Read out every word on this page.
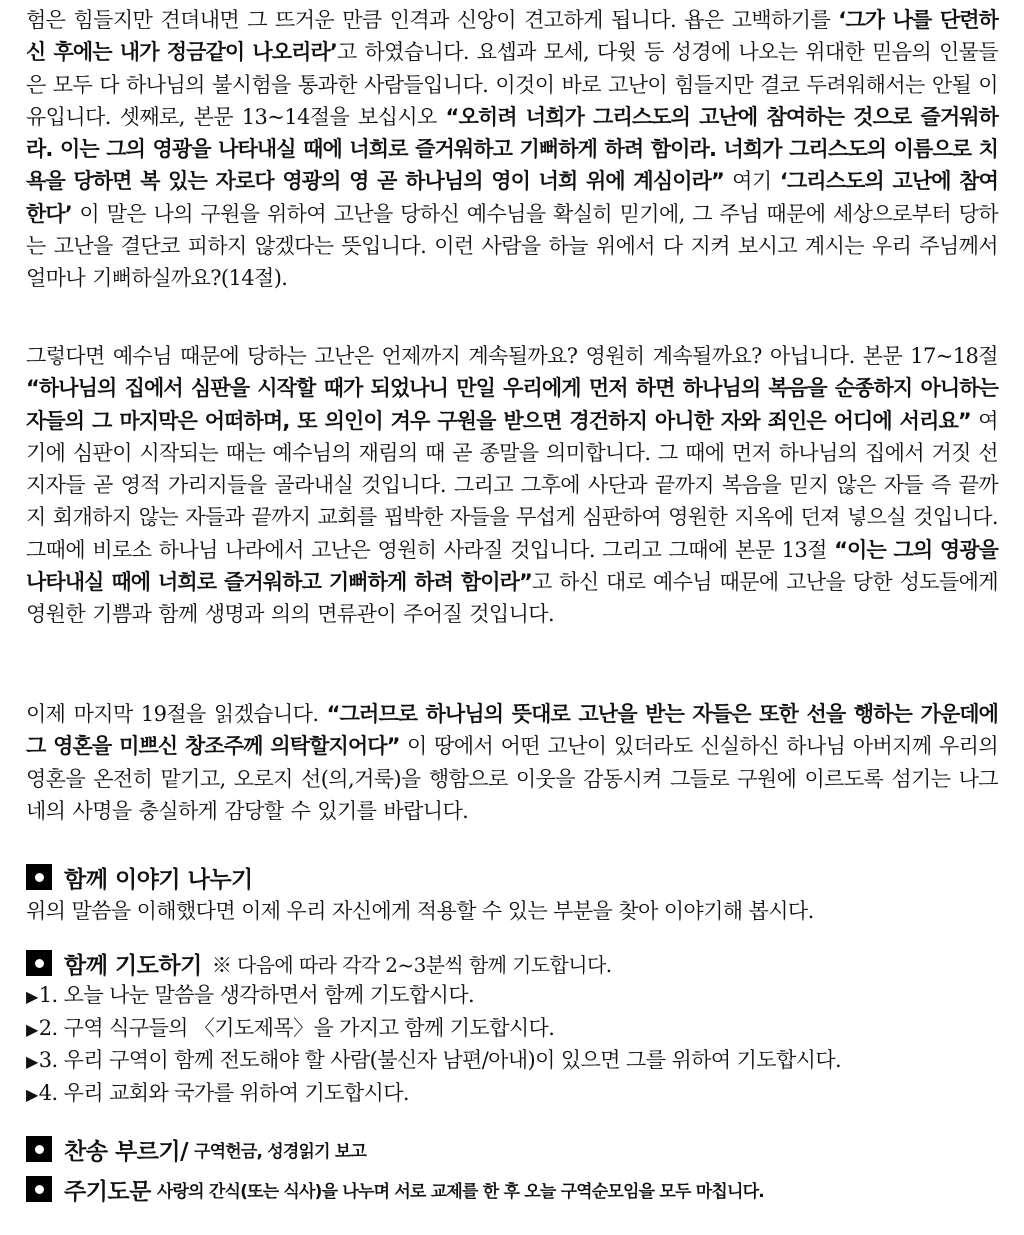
험은 힘들지만 견뎌내면 그 뜨거운 만큼 인격과 신앙이 견고하게 됩니다. 욥은 고백하기를 ‘그가 나를 단련하신 후에는 내가 정금같이 나오리라’고 하였습니다. 요셉과 모세, 다윗 등 성경에 나오는 위대한 믿음의 인물들은 모두 다 하나님의 불시험을 통과한 사람들입니다. 이것이 바로 고난이 힘들지만 결코 두려워해서는 안될 이유입니다. 셋째로, 본문 13~14절을 보십시오 “오히려 너희가 그리스도의 고난에 참여하는 것으로 즐거워하라. 이는 그의 영광을 나타내실 때에 너희로 즐거워하고 기뻐하게 하려 함이라. 너희가 그리스도의 이름으로 치욕을 당하면 복 있는 자로다 영광의 영 곧 하나님의 영이 너희 위에 계심이라” 여기 ‘그리스도의 고난에 참여한다’ 이 말은 나의 구원을 위하여 고난을 당하신 예수님을 확실히 믿기에, 그 주님 때문에 세상으로부터 당하는 고난을 결단코 피하지 않겠다는 뜻입니다. 이런 사람을 하늘 위에서 다 지켜 보시고 계시는 우리 주님께서 얼마나 기뻐하실까요?(14절).

그렇다면 예수님 때문에 당하는 고난은 언제까지 계속될까요? 영원히 계속될까요? 아닙니다. 본문 17~18절 “하나님의 집에서 심판을 시작할 때가 되었나니 만일 우리에게 먼저 하면 하나님의 복음을 순종하지 아니하는 자들의 그 마지막은 어떠하며, 또 의인이 겨우 구원을 받으면 경건하지 아니한 자와 죄인은 어디에 서리요” 여기에 심판이 시작되는 때는 예수님의 재림의 때 곧 종말을 의미합니다. 그 때에 먼저 하나님의 집에서 거짓 선지자들 곧 영적 가리지들을 골라내실 것입니다. 그리고 그후에 사단과 끝까지 복음을 믿지 않은 자들 즉 끝까지 회개하지 않는 자들과 끝까지 교회를 핍박한 자들을 무섭게 심판하여 영원한 지옥에 던져 넣으실 것입니다. 그때에 비로소 하나님 나라에서 고난은 영원히 사라질 것입니다. 그리고 그때에 본문 13절 “이는 그의 영광을 나타내실 때에 너희로 즐거워하고 기뻐하게 하려 함이라”고 하신 대로 예수님 때문에 고난을 당한 성도들에게 영원한 기쁨과 함께 생명과 의의 면류관이 주어질 것입니다.

이제 마지막 19절을 읽겠습니다. “그러므로 하나님의 뜻대로 고난을 받는 자들은 또한 선을 행하는 가운데에 그 영혼을 미쁘신 창조주께 의탁할지어다” 이 땅에서 어떤 고난이 있더라도 신실하신 하나님 아버지께 우리의 영혼을 온전히 맡기고, 오로지 선(의,거룩)을 행함으로 이웃을 감동시켜 그들로 구원에 이르도록 섬기는 나그네의 사명을 충실하게 감당할 수 있기를 바랍니다.

함께 이야기 나누기
위의 말씀을 이해했다면 이제 우리 자신에게 적용할 수 있는 부분을 찾아 이야기해 봅시다.
함께 기도하기 ※ 다음에 따라 각각 2~3분씩 함께 기도합니다.
▶1. 오늘 나눈 말씀을 생각하면서 함께 기도합시다.
▶2. 구역 식구들의 〈기도제목〉을 가지고 함께 기도합시다.
▶3. 우리 구역이 함께 전도해야 할 사람(불신자 남편/아내)이 있으면 그를 위하여 기도합시다.
▶4. 우리 교회와 국가를 위하여 기도합시다.
찬송 부르기/ 구역헌금, 성경읽기 보고
주기도문 사랑의 간식(또는 식사)을 나누며 서로 교제를 한 후 오늘 구역순모임을 모두 마칩니다.
